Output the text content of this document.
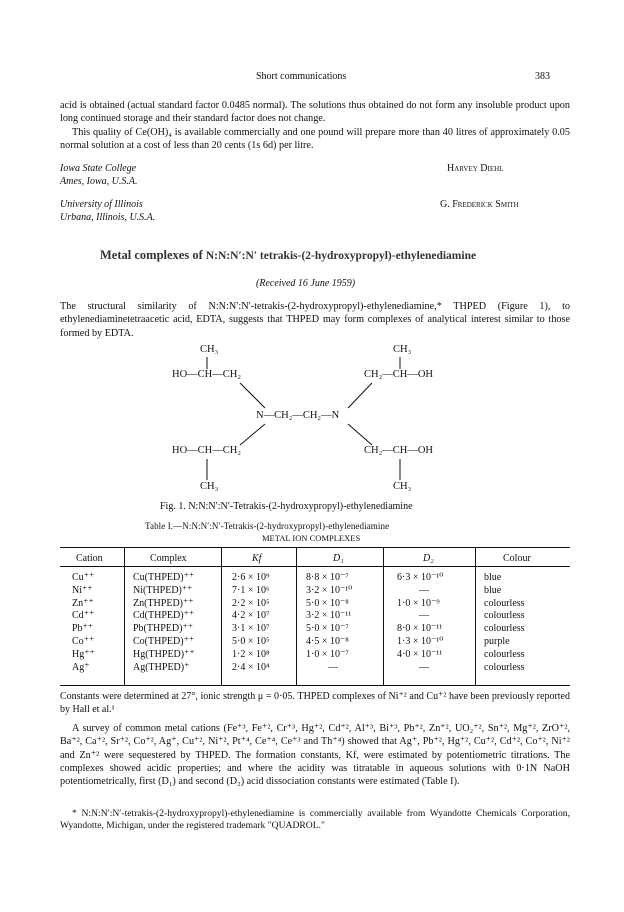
Short communications	383
acid is obtained (actual standard factor 0.0485 normal). The solutions thus obtained do not form any insoluble product upon long continued storage and their standard factor does not change.
This quality of Ce(OH)₄ is available commercially and one pound will prepare more than 40 litres of approximately 0.05 normal solution at a cost of less than 20 cents (1s 6d) per litre.
Iowa State College
Ames, Iowa, U.S.A.
Harvey Diehl
University of Illinois
Urbana, Illinois, U.S.A.
G. Frederick Smith
Metal complexes of N:N:N′:N′ tetrakis-(2-hydroxypropyl)-ethylenediamine
(Received 16 June 1959)
The structural similarity of N:N:N′:N′-tetrakis-(2-hydroxypropyl)-ethylenediamine,* THPED (Figure 1), to ethylenediaminetetraacetic acid, EDTA, suggests that THPED may form complexes of analytical interest similar to those formed by EDTA.
CH₃	CH₃
HO—CH—CH₂	CH₂—CH—OH
N—CH₂—CH₂—N
HO—CH—CH₂	CH₂—CH—OH
CH₃	CH₃
Fig. 1. N:N:N′:N′-Tetrakis-(2-hydroxypropyl)-ethylenediamine
Table I.—N:N:N′:N′-Tetrakis-(2-hydroxypropyl)-ethylenediamine
METAL ION COMPLEXES
Cation	Complex	Kf	D₁	D₂	Colour
Cu⁺⁺	Cu(THPED)⁺⁺	2·6 × 10⁹	8·8 × 10⁻⁷	6·3 × 10⁻¹⁰	blue
Ni⁺⁺	Ni(THPED)⁺⁺	7·1 × 10⁶	3·2 × 10⁻¹⁰	—	blue
Zn⁺⁺	Zn(THPED)⁺⁺	2·2 × 10⁵	5·0 × 10⁻⁸	1·0 × 10⁻⁹	colourless
Cd⁺⁺	Cd(THPED)⁺⁺	4·2 × 10⁷	3·2 × 10⁻¹¹	—	colourless
Pb⁺⁺	Pb(THPED)⁺⁺	3·1 × 10⁷	5·0 × 10⁻⁷	8·0 × 10⁻¹¹	colourless
Co⁺⁺	Co(THPED)⁺⁺	5·0 × 10⁵	4·5 × 10⁻⁸	1·3 × 10⁻¹⁰	purple
Hg⁺⁺	Hg(THPED)⁺⁺	1·2 × 10⁸	1·0 × 10⁻⁷	4·0 × 10⁻¹¹	colourless
Ag⁺	Ag(THPED)⁺	2·4 × 10⁴	—	—	colourless
Constants were determined at 27°, ionic strength μ = 0·05. THPED complexes of Ni⁺² and Cu⁺² have been previously reported by Hall et al.¹
A survey of common metal cations (Fe⁺³, Fe⁺², Cr⁺³, Hg⁺², Cd⁺², Al⁺³, Bi⁺³, Pb⁺², Zn⁺², UO₂⁺², Sn⁺², Mg⁺², ZrO⁺², Ba⁺², Ca⁺², Sr⁺², Co⁺², Ag⁺, Cu⁺², Ni⁺², Pt⁺⁴, Ce⁺⁴, Ce⁺³ and Th⁺⁴) showed that Ag⁺, Pb⁺², Hg⁺², Cu⁺², Cd⁺², Co⁺², Ni⁺² and Zn⁺² were sequestered by THPED. The formation constants, Kf, were estimated by potentiometric titrations. The complexes showed acidic properties; and where the acidity was titratable in aqueous solutions with 0·1N NaOH potentiometrically, first (D₁) and second (D₂) acid dissociation constants were estimated (Table I).
* N:N:N′:N′-tetrakis-(2-hydroxypropyl)-ethylenediamine is commercially available from Wyandotte Chemicals Corporation, Wyandotte, Michigan, under the registered trademark "QUADROL."
